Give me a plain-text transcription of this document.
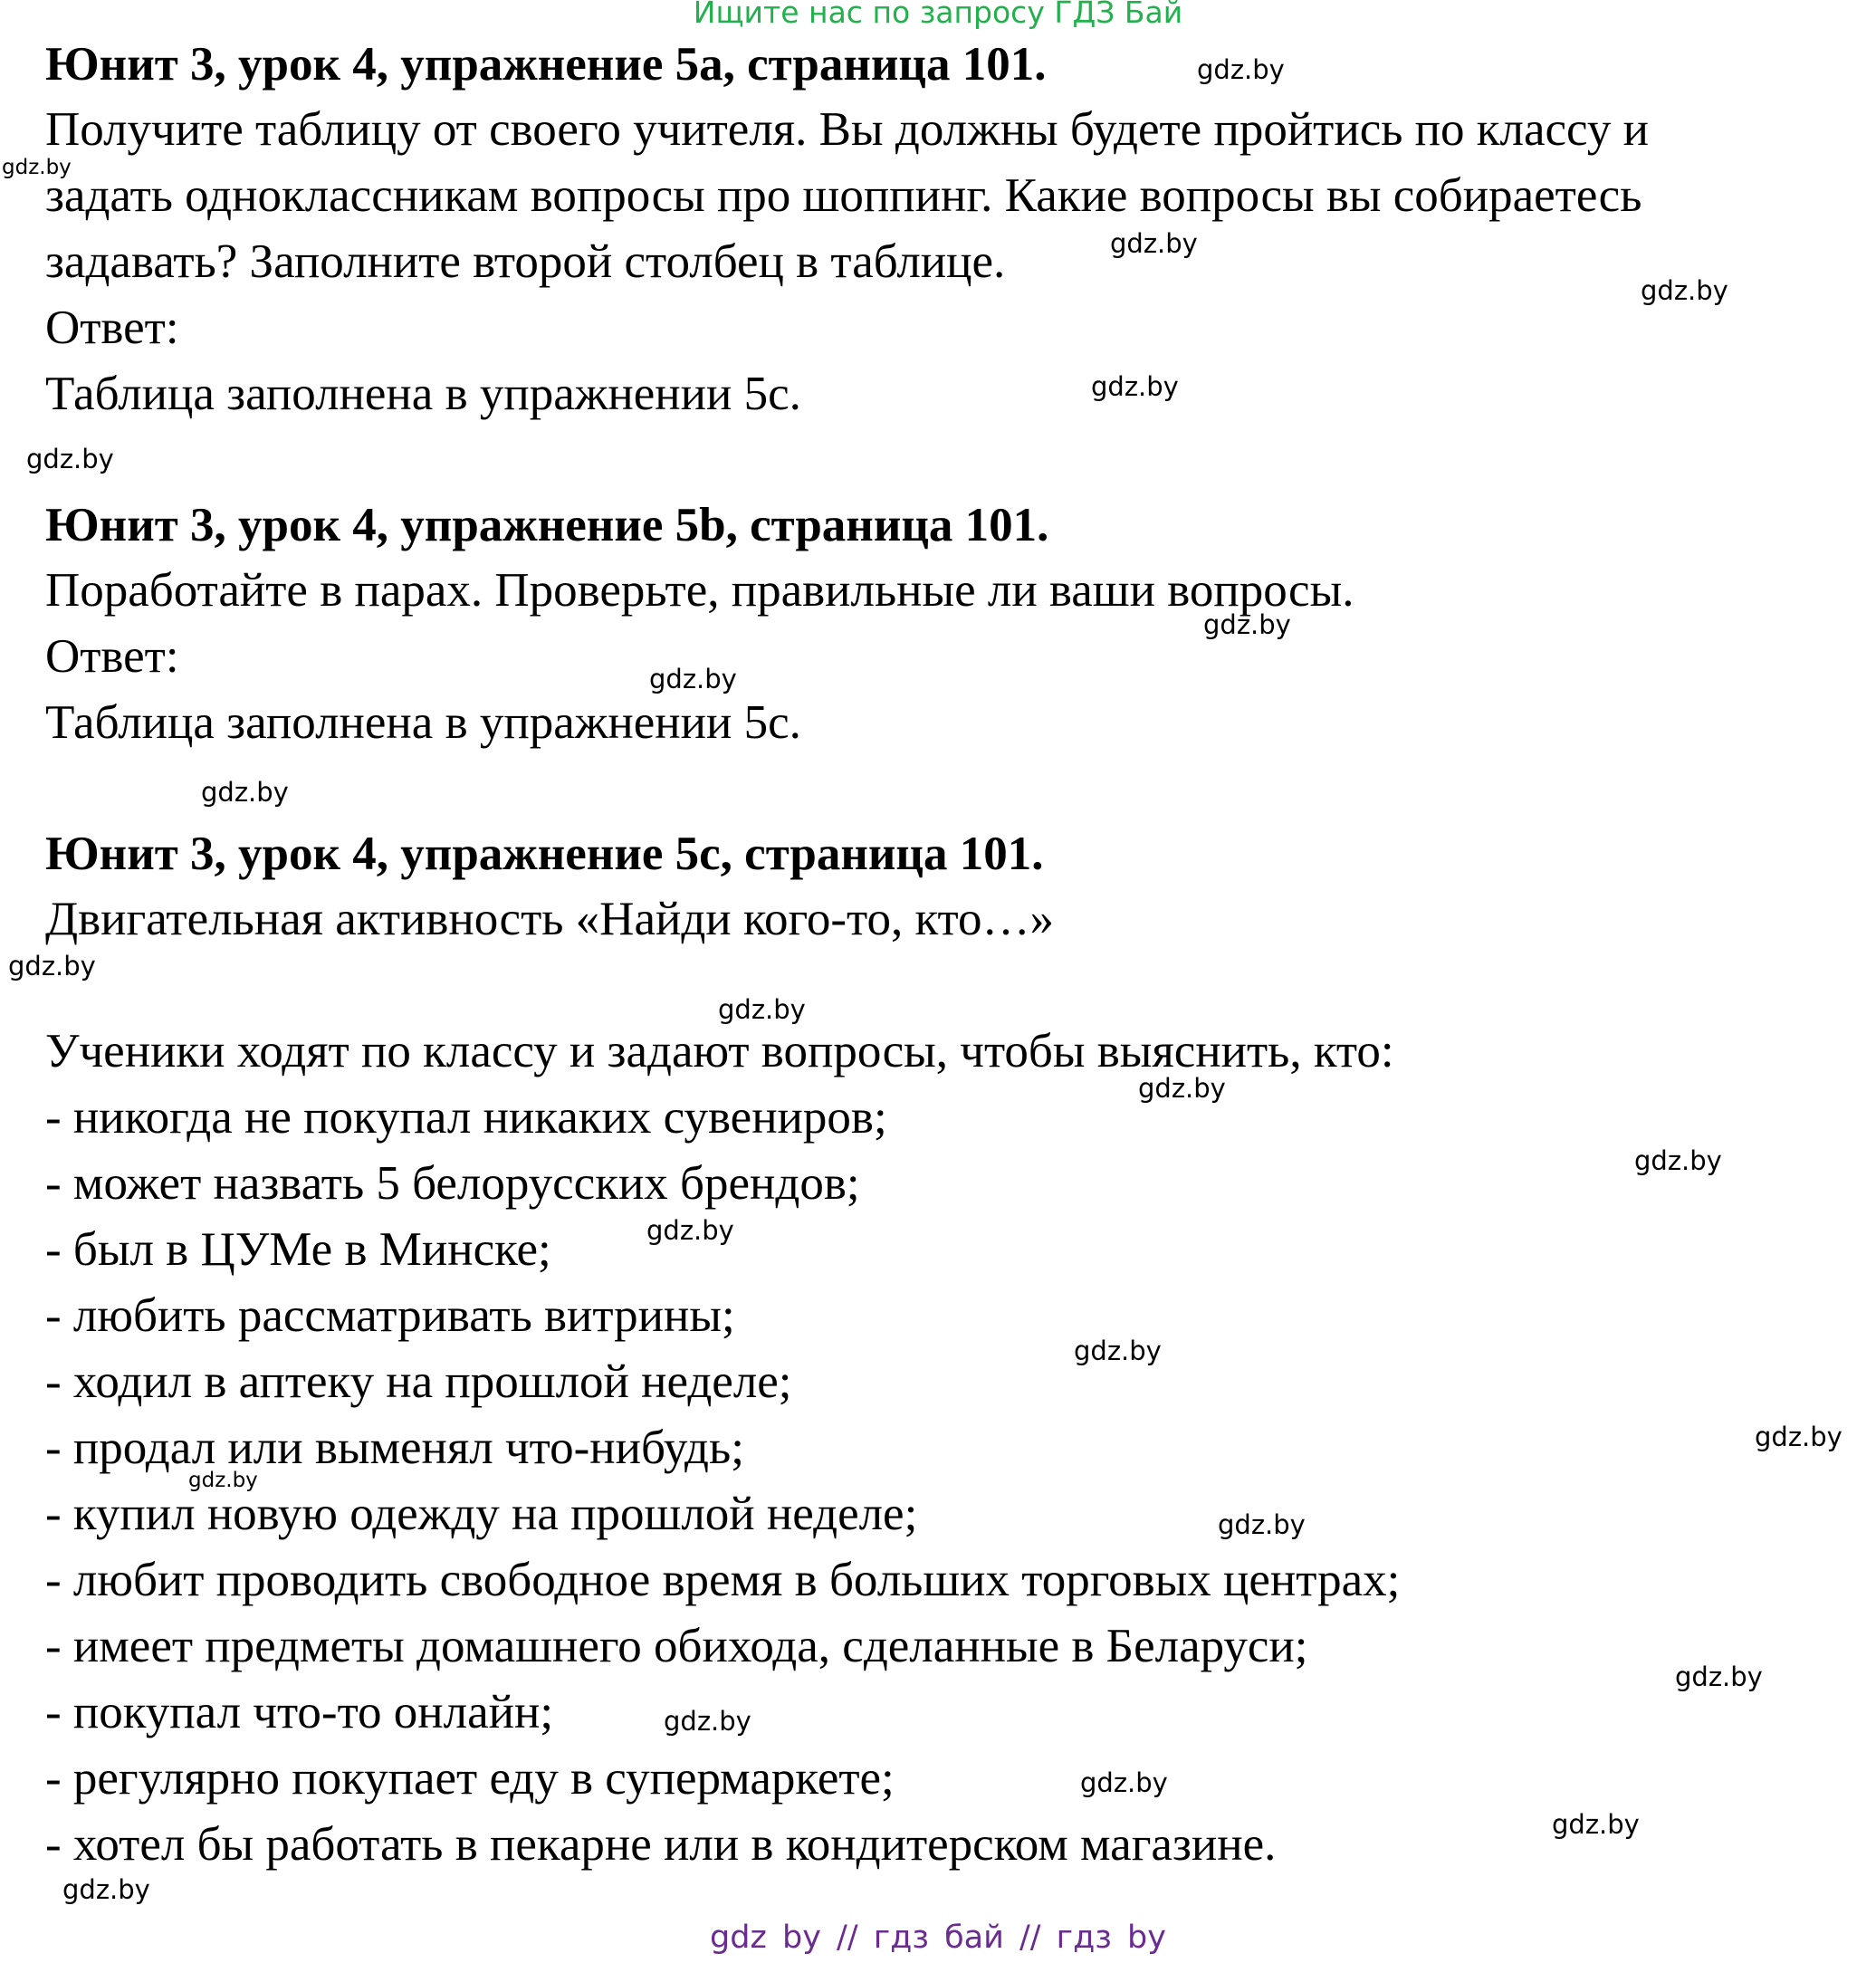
Ищите нас по запросу ГДЗ Бай
Юнит 3, урок 4, упражнение 5a, страница 101.
Получите таблицу от своего учителя. Вы должны будете пройтись по классу и
задать одноклассникам вопросы про шоппинг. Какие вопросы вы собираетесь
задавать? Заполните второй столбец в таблице.
Ответ:
Таблица заполнена в упражнении 5c.
Юнит 3, урок 4, упражнение 5b, страница 101.
Поработайте в парах. Проверьте, правильные ли ваши вопросы.
Ответ:
Таблица заполнена в упражнении 5c.
Юнит 3, урок 4, упражнение 5c, страница 101.
Двигательная активность «Найди кого-то, кто…»
Ученики ходят по классу и задают вопросы, чтобы выяснить, кто:
- никогда не покупал никаких сувениров;
- может назвать 5 белорусских брендов;
- был в ЦУМе в Минске;
- любить рассматривать витрины;
- ходил в аптеку на прошлой неделе;
- продал или выменял что-нибудь;
- купил новую одежду на прошлой неделе;
- любит проводить свободное время в больших торговых центрах;
- имеет предметы домашнего обихода, сделанные в Беларуси;
- покупал что-то онлайн;
- регулярно покупает еду в супермаркете;
- хотел бы работать в пекарне или в кондитерском магазине.
gdz.by
gdz.by
gdz.by
gdz.by
gdz.by
gdz.by
gdz.by
gdz.by
gdz.by
gdz.by
gdz.by
gdz.by
gdz.by
gdz.by
gdz.by
gdz.by
gdz.by
gdz.by
gdz.by
gdz.by
gdz.by
gdz.by
gdz.by
gdz by // гдз бай // гдз by
